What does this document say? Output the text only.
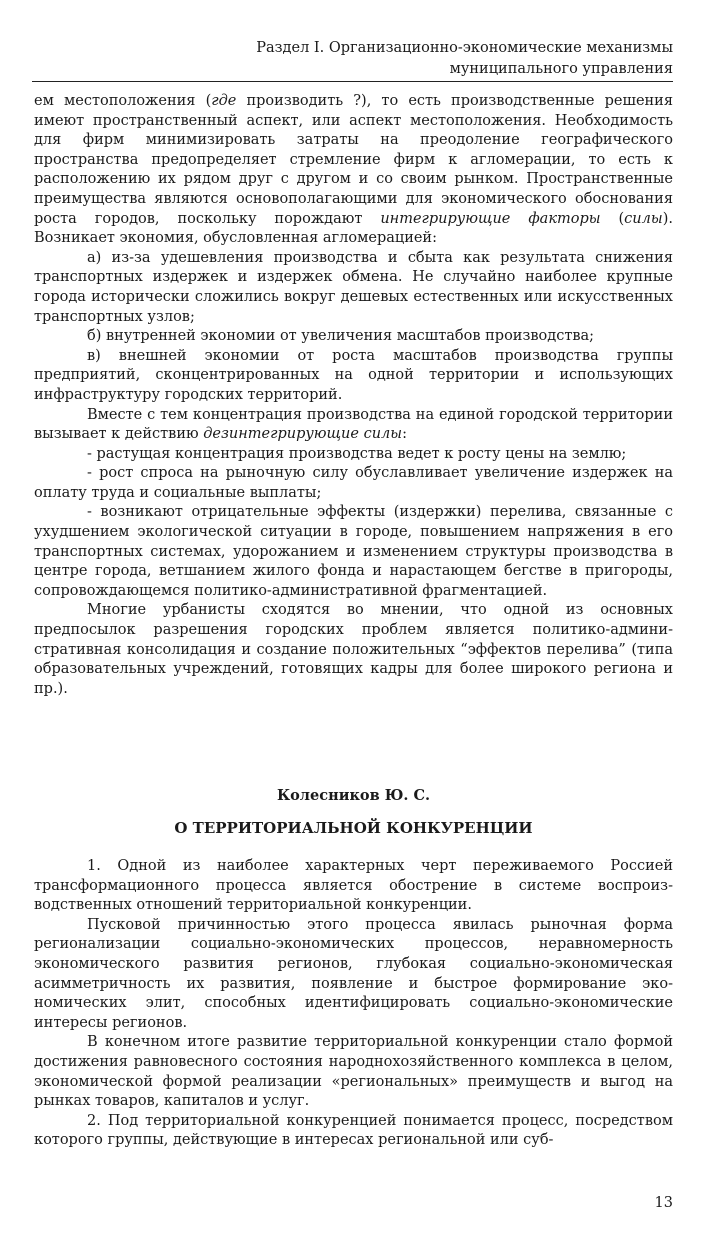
Раздел I. Организационно-экономические механизмы
муниципального управления

ем местоположения (где производить ?), то есть производственные решения имеют пространственный аспект, или аспект местоположения. Необходимость для фирм минимизировать затраты на преодоление географического пространства предопределяет стремление фирм к агломерации, то есть к расположению их рядом друг с другом и со своим рынком. Пространственные преимущества являются основополагающими для экономического обоснования роста городов, поскольку порождают интегрирующие факторы (силы). Возникает экономия, обусловленная агломерацией:

а) из-за удешевления производства и сбыта как результата снижения транспортных издержек и издержек обмена. Не случайно наиболее крупные города исторически сложились вокруг дешевых естественных или искусственных транспортных узлов;

б) внутренней экономии от увеличения масштабов производства;

в) внешней экономии от роста масштабов производства группы предприятий, сконцентрированных на одной территории и использующих инфраструктуру городских территорий.

Вместе с тем концентрация производства на единой городской территории вызывает к действию дезинтегрирующие силы:

- растущая концентрация производства ведет к росту цены на землю;

- рост спроса на рыночную силу обуславливает увеличение издержек на оплату труда и социальные выплаты;

- возникают отрицательные эффекты (издержки) перелива, связанные с ухудшением экологической ситуации в городе, повышением напряжения в его транспортных системах, удорожанием и изменением структуры производства в центре города, ветшанием жилого фонда и нарастающем бегстве в пригороды, сопровождающемся политико-административной фрагментацией.

Многие урбанисты сходятся во мнении, что одной из основных предпосылок разрешения городских проблем является политико-административная консолидация и создание положительных “эффектов перелива” (типа образовательных учреждений, готовящих кадры для более широкого региона и пр.).

Колесников Ю. С.
О ТЕРРИТОРИАЛЬНОЙ КОНКУРЕНЦИИ

1. Одной из наиболее характерных черт переживаемого Россией трансформационного процесса является обострение в системе воспроизводственных отношений территориальной конкуренции.

Пусковой причинностью этого процесса явилась рыночная форма регионализации социально-экономических процессов, неравномерность экономического развития регионов, глубокая социально-экономическая асимметричность их развития, появление и быстрое формирование экономических элит, способных идентифицировать социально-экономические интересы регионов.

В конечном итоге развитие территориальной конкуренции стало формой достижения равновесного состояния народнохозяйственного комплекса в целом, экономической формой реализации «региональных» преимуществ и выгод на рынках товаров, капиталов и услуг.

2. Под территориальной конкуренцией понимается процесс, посредством которого группы, действующие в интересах региональной или суб-

13
